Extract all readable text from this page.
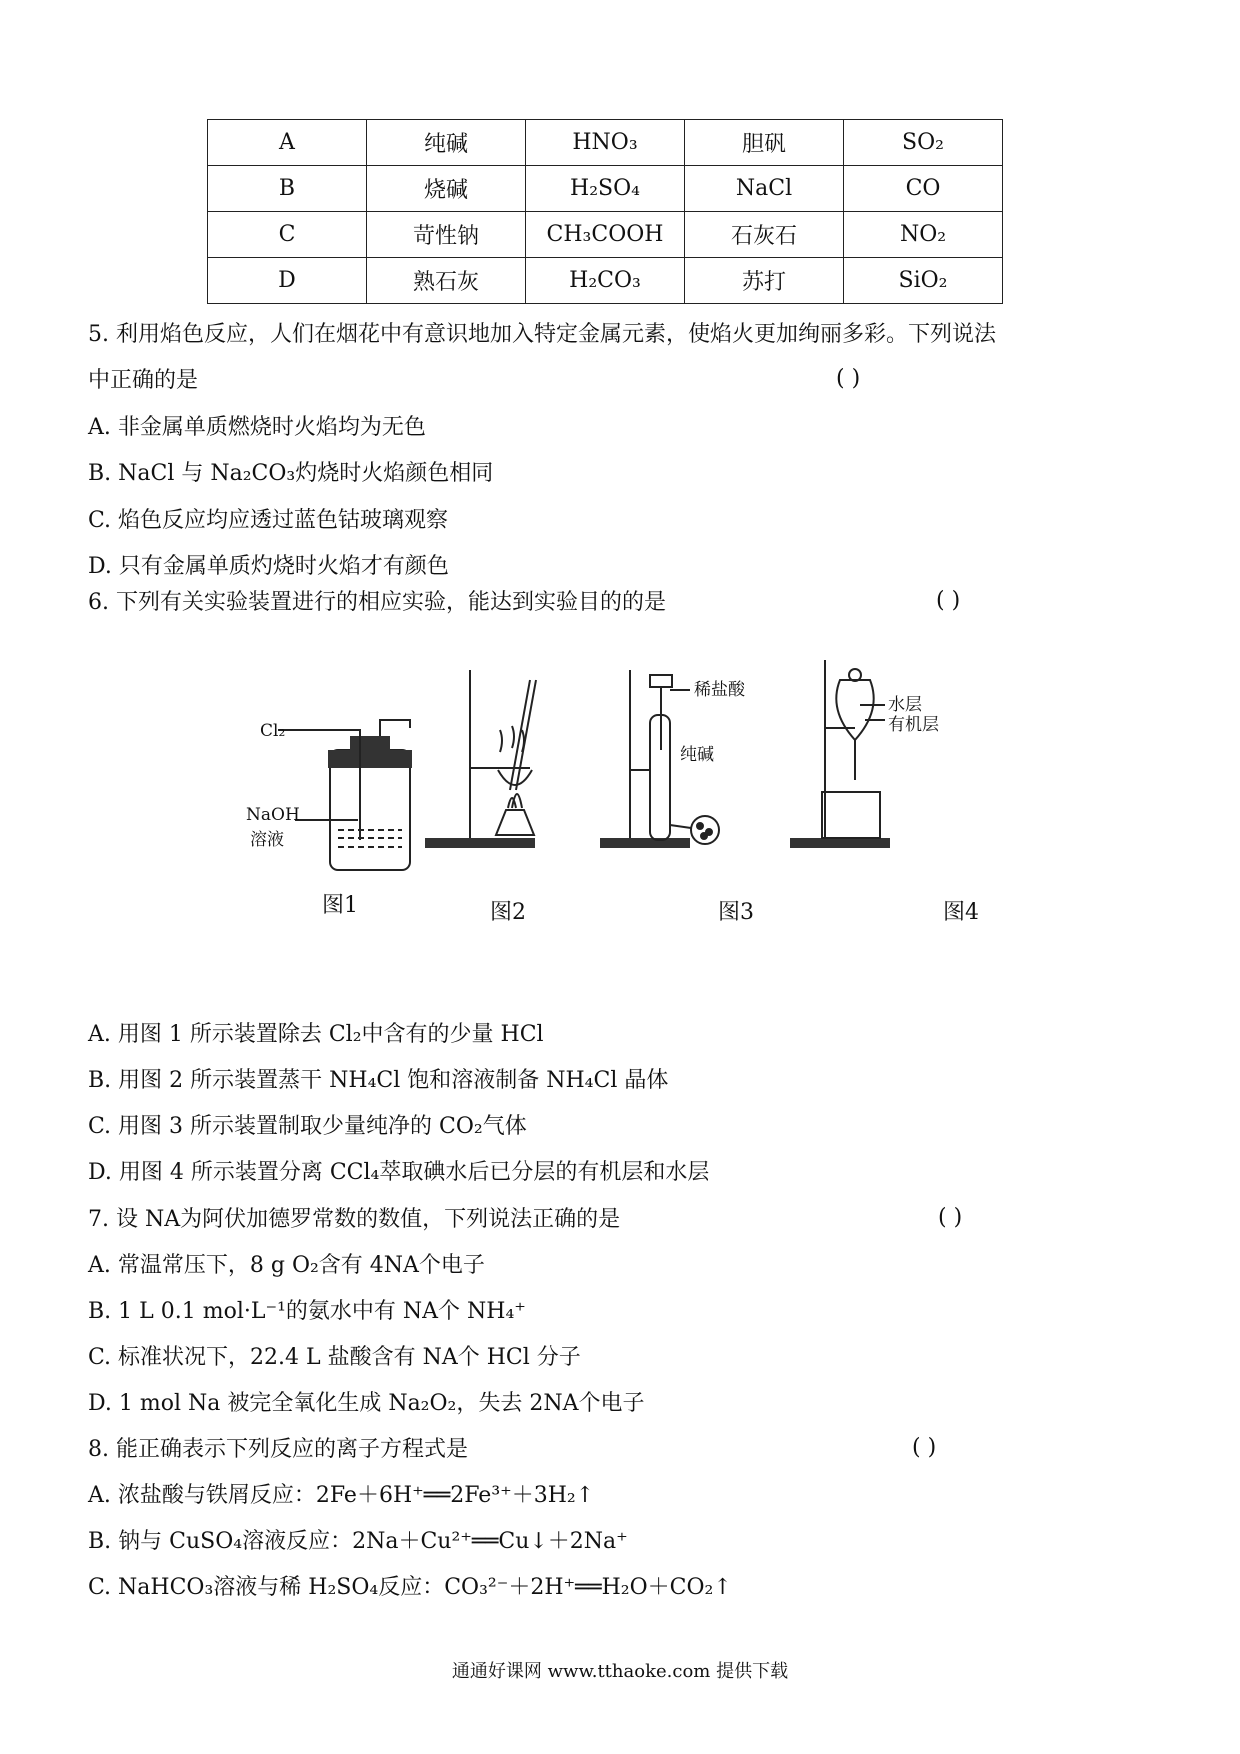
A	纯碱	HNO₃	胆矾	SO₂
B	烧碱	H₂SO₄	NaCl	CO
C	苛性钠	CH₃COOH	石灰石	NO₂
D	熟石灰	H₂CO₃	苏打	SiO₂
5. 利用焰色反应，人们在烟花中有意识地加入特定金属元素，使焰火更加绚丽多彩。下列说法
中正确的是	( )
A. 非金属单质燃烧时火焰均为无色
B. NaCl 与 Na₂CO₃灼烧时火焰颜色相同
C. 焰色反应均应透过蓝色钴玻璃观察
D. 只有金属单质灼烧时火焰才有颜色
6. 下列有关实验装置进行的相应实验，能达到实验目的的是	( )
Cl₂
NaOH
溶液
稀盐酸
纯碱
水层
有机层
图1	图2	图3	图4
A. 用图 1 所示装置除去 Cl₂中含有的少量 HCl
B. 用图 2 所示装置蒸干 NH₄Cl 饱和溶液制备 NH₄Cl 晶体
C. 用图 3 所示装置制取少量纯净的 CO₂气体
D. 用图 4 所示装置分离 CCl₄萃取碘水后已分层的有机层和水层
7. 设 NA为阿伏加德罗常数的数值，下列说法正确的是	( )
A. 常温常压下，8 g O₂含有 4NA个电子
B. 1 L 0.1 mol·L⁻¹的氨水中有 NA个 NH₄⁺
C. 标准状况下，22.4 L 盐酸含有 NA个 HCl 分子
D. 1 mol Na 被完全氧化生成 Na₂O₂，失去 2NA个电子
8. 能正确表示下列反应的离子方程式是	( )
A. 浓盐酸与铁屑反应：2Fe＋6H⁺══2Fe³⁺＋3H₂↑
B. 钠与 CuSO₄溶液反应：2Na＋Cu²⁺══Cu↓＋2Na⁺
C. NaHCO₃溶液与稀 H₂SO₄反应：CO₃²⁻＋2H⁺══H₂O＋CO₂↑
通通好课网 www.tthaoke.com 提供下载
